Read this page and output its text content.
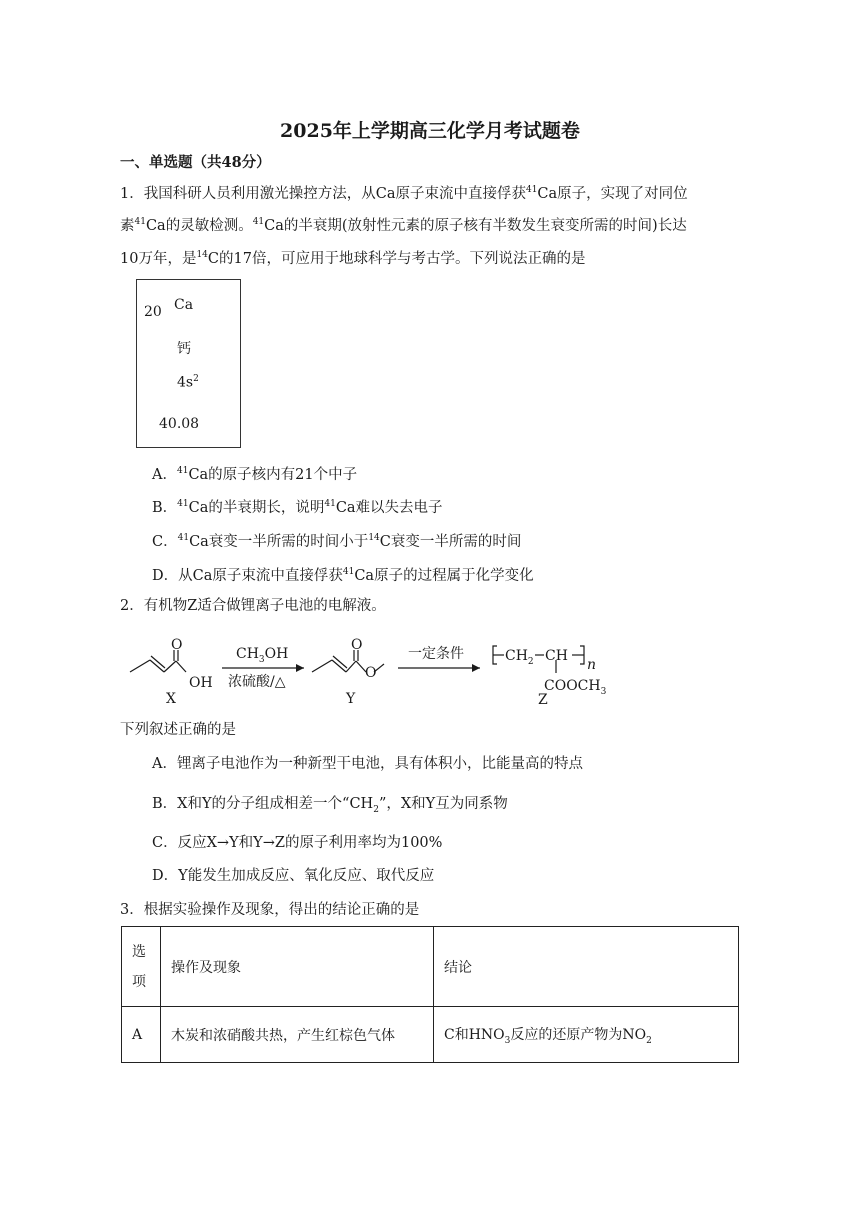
2025年上学期高三化学月考试题卷
一、单选题（共48分）
1．我国科研人员利用激光操控方法，从Ca原子束流中直接俘获$^{41}$Ca原子，实现了对同位
素$^{41}$Ca的灵敏检测。$^{41}$Ca的半衰期(放射性元素的原子核有半数发生衰变所需的时间)长达
10万年，是$^{14}$C的17倍，可应用于地球科学与考古学。下列说法正确的是
20 Ca
钙
$4s^2$
40.08
A．$^{41}$Ca的原子核内有21个中子
B．$^{41}$Ca的半衰期长，说明$^{41}$Ca难以失去电子
C．$^{41}$Ca衰变一半所需的时间小于$^{14}$C衰变一半所需的时间
D．从Ca原子束流中直接俘获$^{41}$Ca原子的过程属于化学变化
2．有机物Z适合做锂离子电池的电解液。
O
OH
X
$CH_3OH$
浓硫酸/△
O
O
Y
一定条件	$CH_2$ CH
n
$COOCH_3$
Z
下列叙述正确的是
A．锂离子电池作为一种新型干电池，具有体积小，比能量高的特点
B．X和Y的分子组成相差一个“$CH_2$”，X和Y互为同系物
C．反应X→Y和Y→Z的原子利用率均为100%
D．Y能发生加成反应、氧化反应、取代反应
3．根据实验操作及现象，得出的结论正确的是
选项	操作及现象	结论
A	木炭和浓硝酸共热，产生红棕色气体	C和$HNO_3$反应的还原产物为$NO_2$
